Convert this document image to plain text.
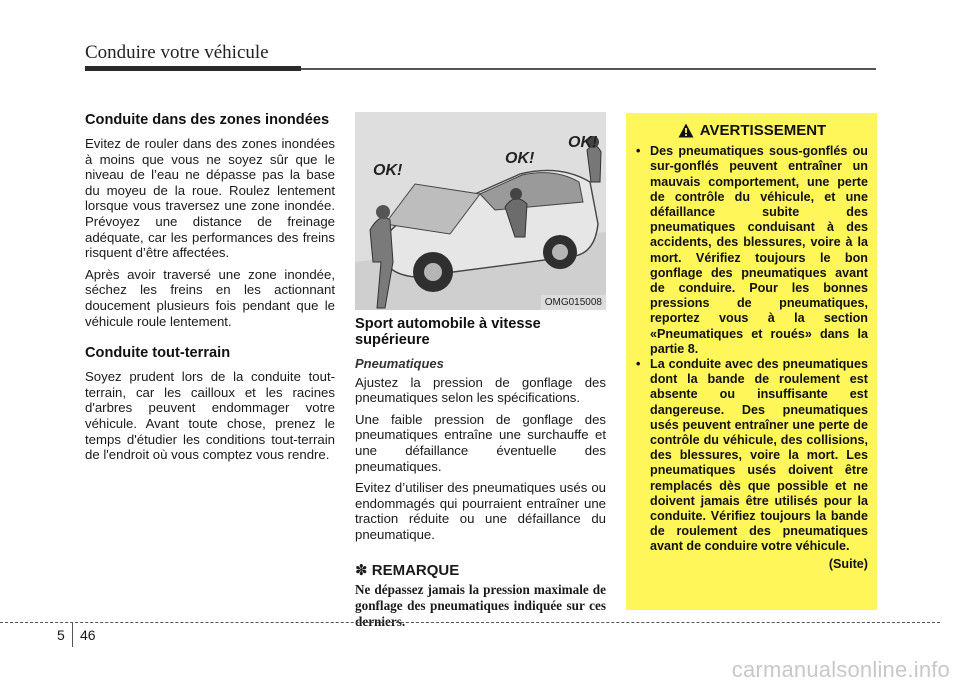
Conduire votre véhicule
Conduite dans des zones inondées

Evitez de rouler dans des zones inondées à moins que vous ne soyez sûr que le niveau de l’eau ne dépasse pas la base du moyeu de la roue. Roulez lentement lorsque vous traversez une zone inondée. Prévoyez une distance de freinage adéquate, car les performances des freins risquent d’être affectées.

Après avoir traversé une zone inondée, séchez les freins en les actionnant doucement plusieurs fois pendant que le véhicule roule lentement.

Conduite tout-terrain

Soyez prudent lors de la conduite tout-terrain, car les cailloux et les racines d'arbres peuvent endommager votre véhicule. Avant toute chose, prenez le temps d'étudier les conditions tout-terrain de l'endroit où vous comptez vous rendre.

OK!
OK!
OK!
OMG015008
Sport automobile à vitesse supérieure
Pneumatiques

Ajustez la pression de gonflage des pneumatiques selon les spécifications.

Une faible pression de gonflage des pneumatiques entraîne une surchauffe et une défaillance éventuelle des pneumatiques.

Evitez d’utiliser des pneumatiques usés ou endommagés qui pourraient entraîner une traction réduite ou une défaillance du pneumatique.

✽ REMARQUE
Ne dépassez jamais la pression maximale de gonflage des pneumatiques indiquée sur ces derniers.
AVERTISSEMENT
• Des pneumatiques sous-gonflés ou sur-gonflés peuvent entraîner un mauvais comportement, une perte de contrôle du véhicule, et une défaillance subite des pneumatiques conduisant à des accidents, des blessures, voire à la mort. Vérifiez toujours le bon gonflage des pneumatiques avant de conduire. Pour les bonnes pressions de pneumatiques, reportez vous à la section «Pneumatiques et roués» dans la partie 8.
• La conduite avec des pneumatiques dont la bande de roulement est absente ou insuffisante est dangereuse. Des pneumatiques usés peuvent entraîner une perte de contrôle du véhicule, des collisions, des blessures, voire la mort. Les pneumatiques usés doivent être remplacés dès que possible et ne doivent jamais être utilisés pour la conduite. Vérifiez toujours la bande de roulement des pneumatiques avant de conduire votre véhicule.
(Suite)
5 46
carmanualsonline.info
